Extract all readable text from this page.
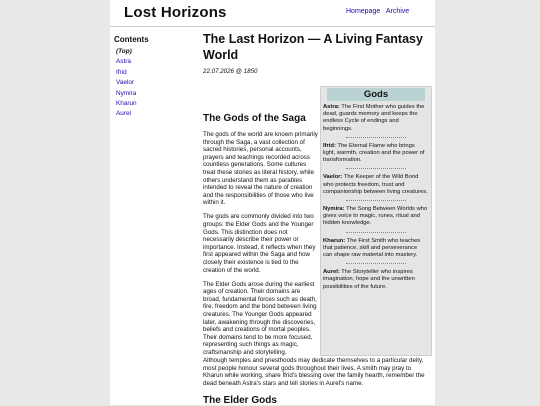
Lost Horizons	Homepage Archive
Contents
(Top)
Astra
Ifrid
Vaelor
Nymira
Kharun
Aurel
The Last Horizon — A Living Fantasy World
22.07.2026 @ 1850
The Gods of the Saga

The gods of the world are known primarily through the Saga, a vast collection of sacred histories, personal accounts, prayers and teachings recorded across countless generations. Some cultures treat these stories as literal history, while others understand them as parables intended to reveal the nature of creation and the responsibilities of those who live within it.

The gods are commonly divided into two groups: the Elder Gods and the Younger Gods. This distinction does not necessarily describe their power or importance. Instead, it reflects when they first appeared within the Saga and how closely their existence is tied to the creation of the world.

The Elder Gods arose during the earliest ages of creation. Their domains are broad, fundamental forces such as death, fire, freedom and the bond between living creatures. The Younger Gods appeared later, awakening through the discoveries, beliefs and creations of mortal peoples. Their domains tend to be more focused, representing such things as magic, craftsmanship and storytelling.

Gods
Astra: The First Mother who guides the dead, guards memory and keeps the endless Cycle of endings and beginnings.
Ifrid: The Eternal Flame who brings light, warmth, creation and the power of transformation.
Vaelor: The Keeper of the Wild Bond who protects freedom, trust and companionship between living creatures.
Nymira: The Song Between Worlds who gives voice to magic, runes, ritual and hidden knowledge.
Kharun: The First Smith who teaches that patience, skill and perseverance can shape raw material into mastery.
Aurel: The Storyteller who inspires imagination, hope and the unwritten possibilities of the future.
Although temples and priesthoods may dedicate themselves to a particular deity, most people honour several gods throughout their lives. A smith may pray to Kharun while working, share Ifrid's blessing over the family hearth, remember the dead beneath Astra's stars and tell stories in Aurel's name.
The Elder Gods
